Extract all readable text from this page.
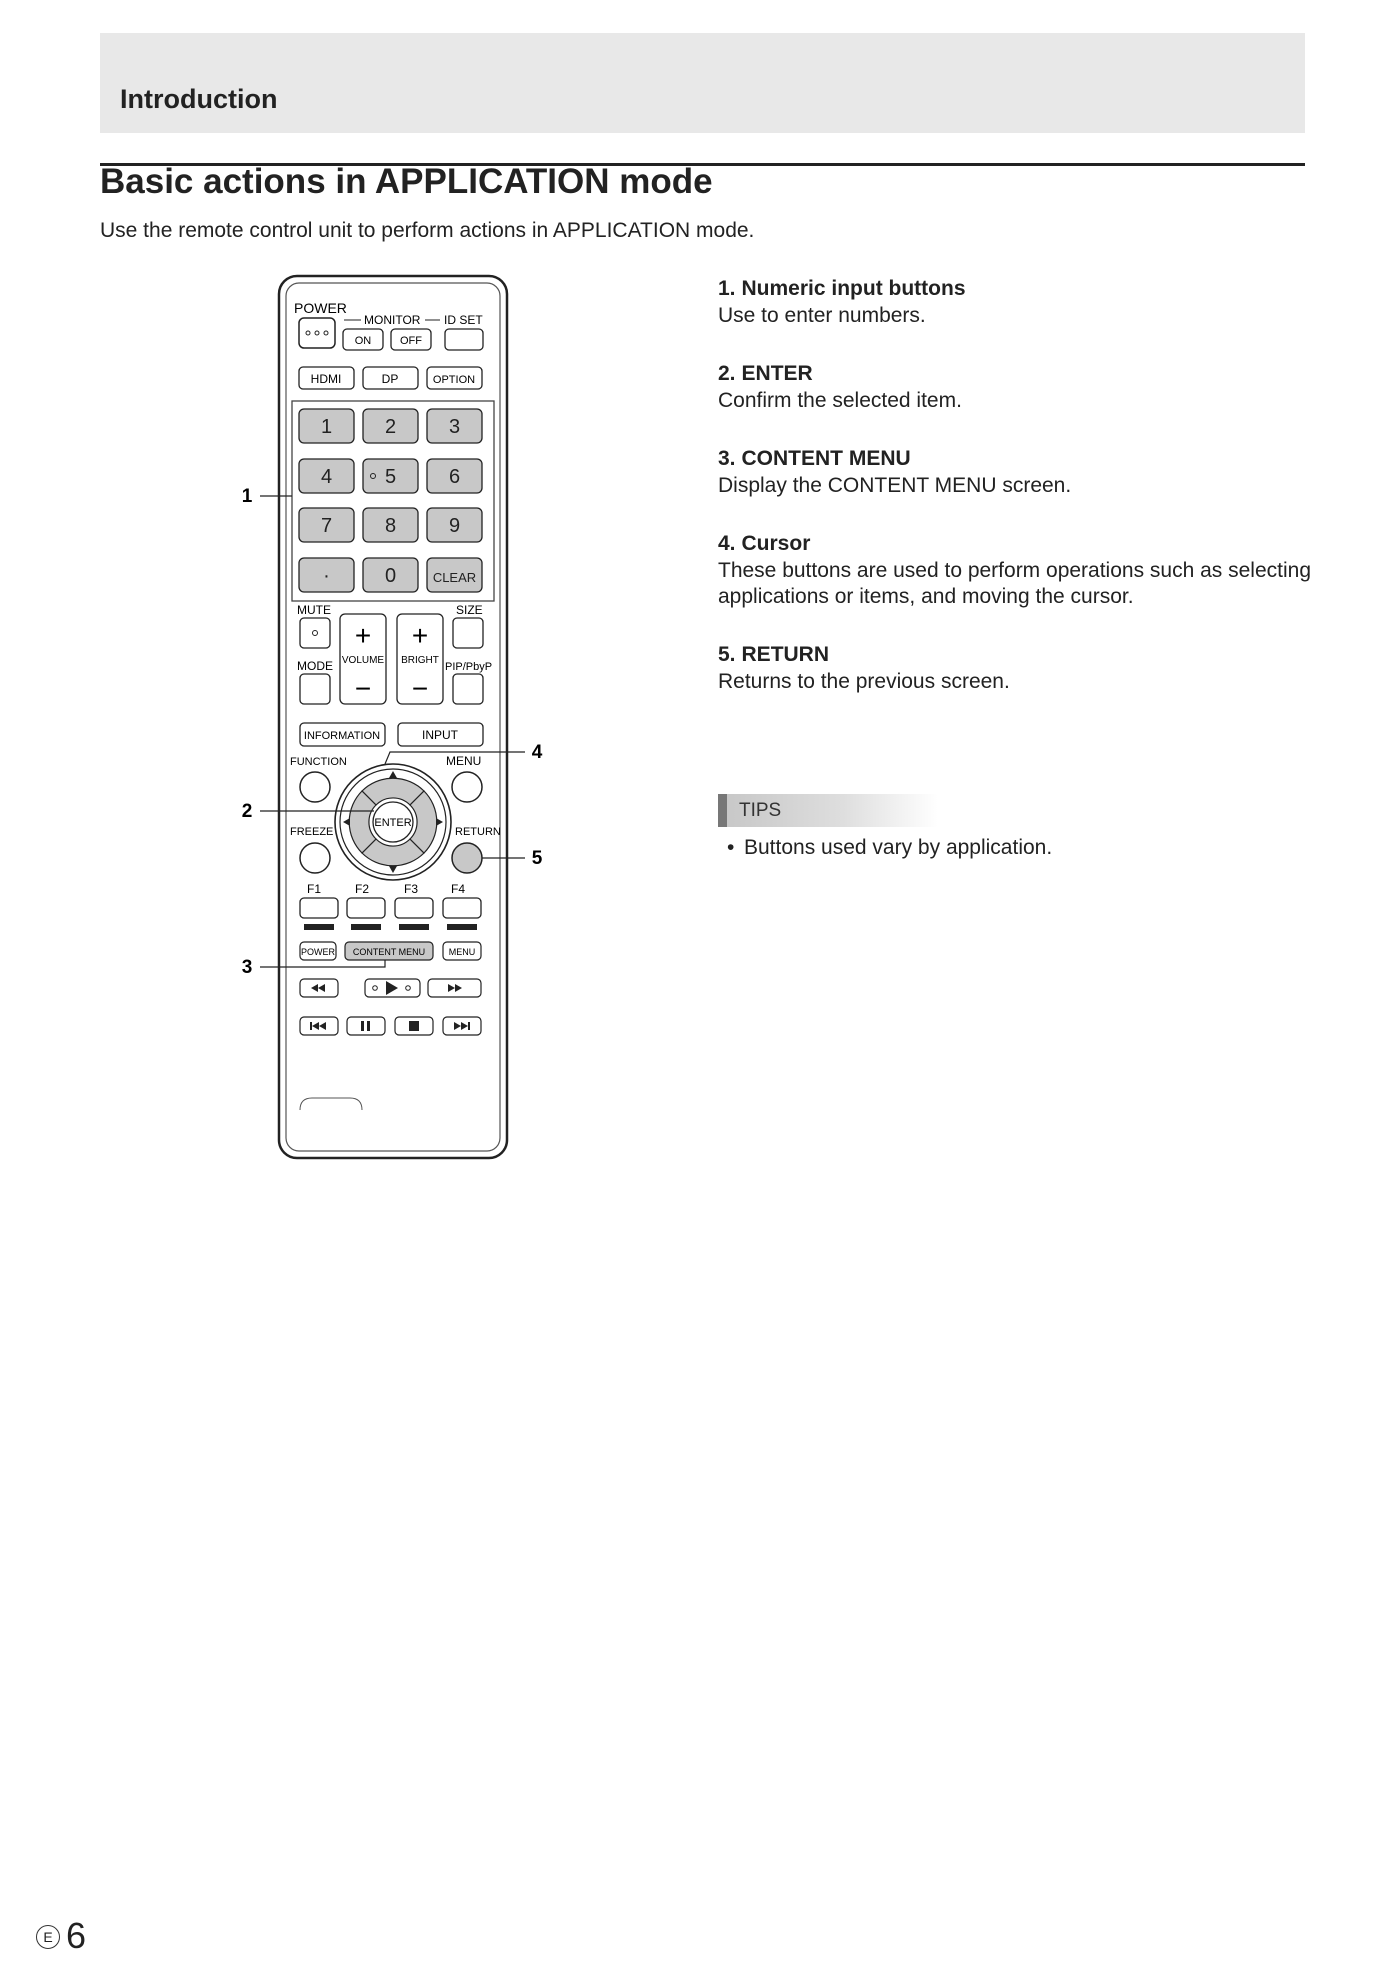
Introduction
Basic actions in APPLICATION mode
Use the remote control unit to perform actions in APPLICATION mode.
POWER
MONITOR
ON	OFF
ID SET
HDMI	DP	OPTION
1	2	3
4	5	6
7	8	9
·	0	CLEAR
MUTE
MODE
+
VOLUME
−
+
BRIGHT
−
SIZE
PIP/PbyP
INFORMATION	INPUT
FUNCTION	MENU
FREEZE	RETURN
ENTER
F1	F2	F3	F4
POWER CONTENT MENU	MENU
1
2
3
4
5
1. Numeric input buttons
Use to enter numbers.
2. ENTER
Confirm the selected item.
3. CONTENT MENU
Display the CONTENT MENU screen.
4. Cursor
These buttons are used to perform operations such as selecting applications or items, and moving the cursor.
5. RETURN
Returns to the previous screen.
TIPS
• Buttons used vary by application.
E 6
